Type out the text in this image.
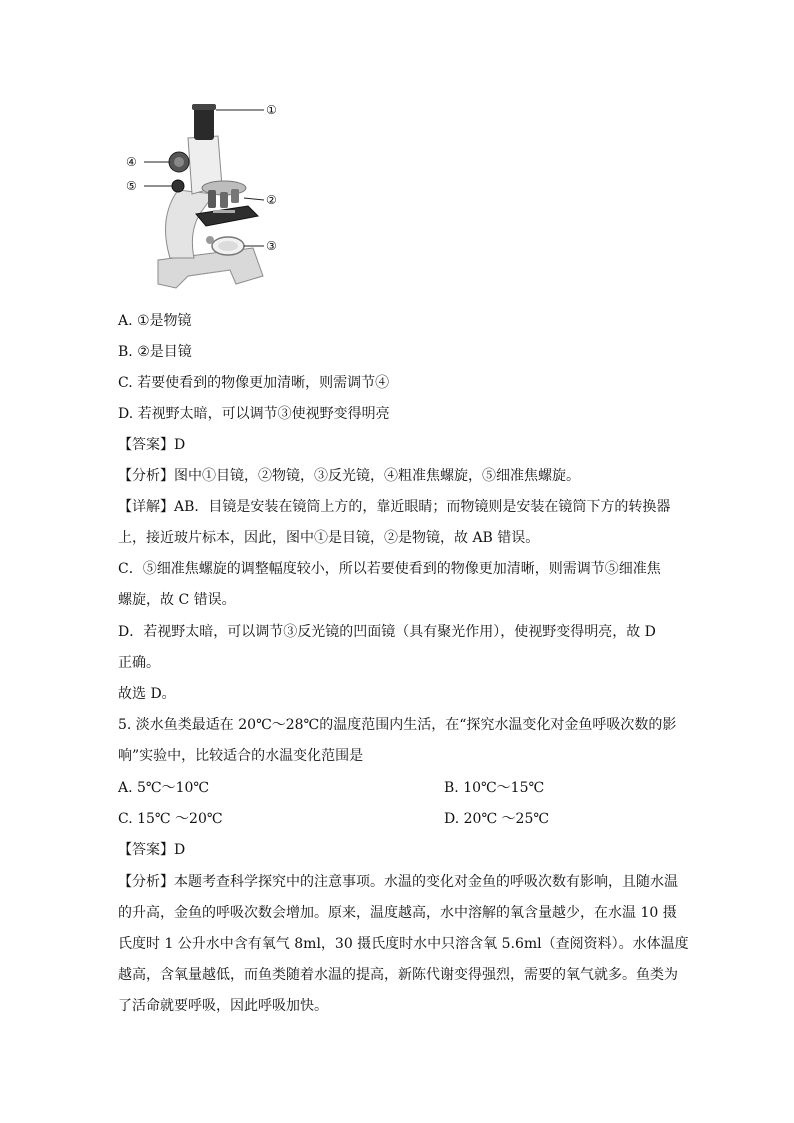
①
②
③
④
⑤
A. ①是物镜
B. ②是目镜
C. 若要使看到的物像更加清晰，则需调节④
D. 若视野太暗，可以调节③使视野变得明亮
【答案】D
【分析】图中①目镜，②物镜，③反光镜，④粗准焦螺旋，⑤细准焦螺旋。
【详解】AB．目镜是安装在镜筒上方的，靠近眼睛；而物镜则是安装在镜筒下方的转换器
上，接近玻片标本，因此，图中①是目镜，②是物镜，故 AB 错误。
C．⑤细准焦螺旋的调整幅度较小，所以若要使看到的物像更加清晰，则需调节⑤细准焦
螺旋，故 C 错误。
D．若视野太暗，可以调节③反光镜的凹面镜（具有聚光作用），使视野变得明亮，故 D
正确。
故选 D。
5. 淡水鱼类最适在 20℃～28℃的温度范围内生活，在“探究水温变化对金鱼呼吸次数的影
响”实验中，比较适合的水温变化范围是
A. 5℃～10℃	B. 10℃～15℃
C. 15℃ ～20℃	D. 20℃ ～25℃
【答案】D
【分析】本题考查科学探究中的注意事项。水温的变化对金鱼的呼吸次数有影响，且随水温
的升高，金鱼的呼吸次数会增加。原来，温度越高，水中溶解的氧含量越少，在水温 10 摄
氏度时 1 公升水中含有氧气 8ml，30 摄氏度时水中只溶含氧 5.6ml（查阅资料）。水体温度
越高，含氧量越低，而鱼类随着水温的提高，新陈代谢变得强烈，需要的氧气就多。鱼类为
了活命就要呼吸，因此呼吸加快。
